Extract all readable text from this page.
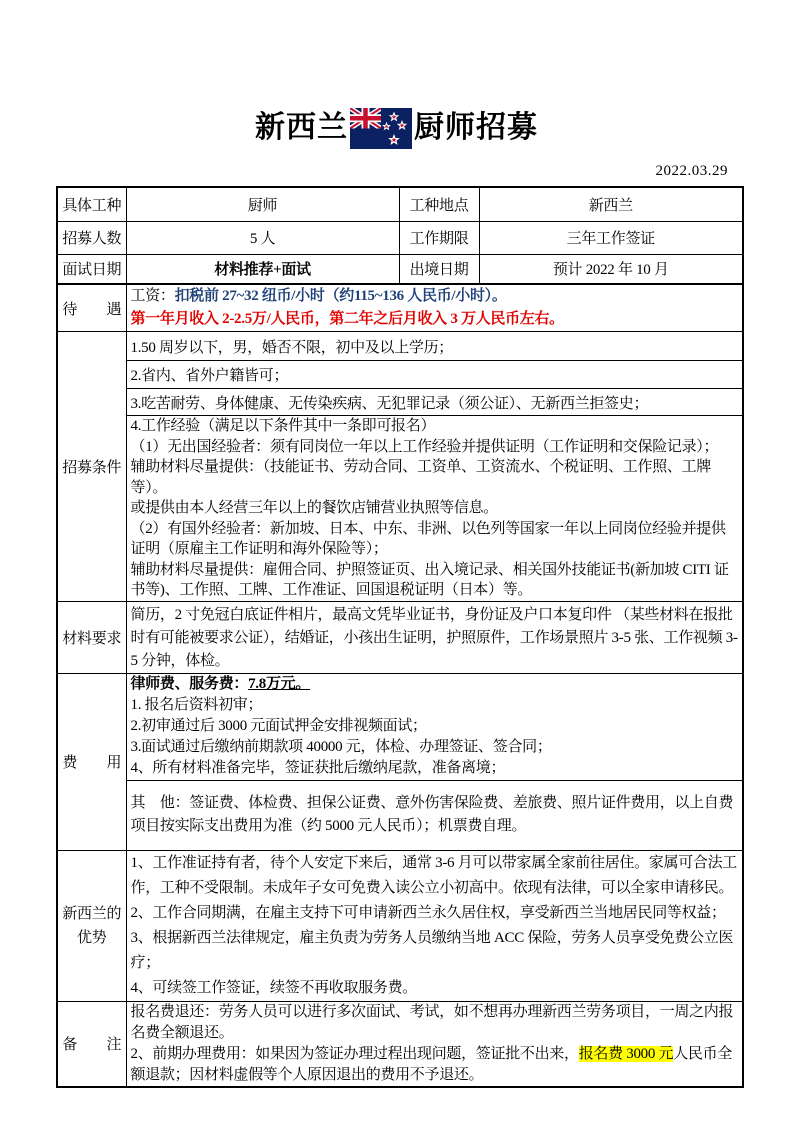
新西兰 厨师招募
2022.03.29
具体工种	厨师	工种地点	新西兰
招募人数	5 人	工作期限	三年工作签证
面试日期	材料推荐+面试	出境日期	预计 2022 年 10 月
待　　遇	工资：扣税前 27~32 纽币/小时（约115~136 人民币/小时）。
第一年月收入 2-2.5万/人民币，第二年之后月收入 3 万人民币左右。		

招募条件	1.50 周岁以下，男，婚否不限，初中及以上学历；		
	2.省内、省外户籍皆可；		
	3.吃苦耐劳、身体健康、无传染疾病、无犯罪记录（须公证）、无新西兰拒签史；		

4.工作经验（满足以下条件其中一条即可报名）
（1）无出国经验者：须有同岗位一年以上工作经验并提供证明（工作证明和交保险记录）；
辅助材料尽量提供：（技能证书、劳动合同、工资单、工资流水、个税证明、工作照、工牌等）。
或提供由本人经营三年以上的餐饮店铺营业执照等信息。
（2）有国外经验者：新加坡、日本、中东、非洲、以色列等国家一年以上同岗位经验并提供证明（原雇主工作证明和海外保险等）；
辅助材料尽量提供：雇佣合同、护照签证页、出入境记录、相关国外技能证书(新加坡 CITI 证书等)、工作照、工牌、工作准证、回国退税证明（日本）等。

材料要求	简历，2 寸免冠白底证件相片，最高文凭毕业证书，身份证及户口本复印件 （某些材料在报批时有可能被要求公证），结婚证，小孩出生证明，护照原件，工作场景照片 3-5 张、工作视频 3-5 分钟，体检。		
费　　用	律师费、服务费：7.8万元。
1. 报名后资料初审；
2.初审通过后 3000 元面试押金安排视频面试；
3.面试通过后缴纳前期款项 40000 元，体检、办理签证、签合同；
4、所有材料准备完毕，签证获批后缴纳尾款，准备离境；		

	其　他：签证费、体检费、担保公证费、意外伤害保险费、差旅费、照片证件费用，以上自费项目按实际支出费用为准（约 5000 元人民币）；机票费自理。		
新西兰的优势	1、工作准证持有者，待个人安定下来后，通常 3-6 月可以带家属全家前往居住。家属可合法工作，工种不受限制。未成年子女可免费入读公立小初高中。依现有法律，可以全家申请移民。
2、工作合同期满，在雇主支持下可申请新西兰永久居住权，享受新西兰当地居民同等权益；
3、根据新西兰法律规定，雇主负责为劳务人员缴纳当地 ACC 保险，劳务人员享受免费公立医疗；
4、可续签工作签证，续签不再收取服务费。		

备　　注	报名费退还：劳务人员可以进行多次面试、考试，如不想再办理新西兰劳务项目，一周之内报名费全额退还。
2、前期办理费用：如果因为签证办理过程出现问题，签证批不出来，报名费 3000 元人民币全额退款；因材料虚假等个人原因退出的费用不予退还。		
